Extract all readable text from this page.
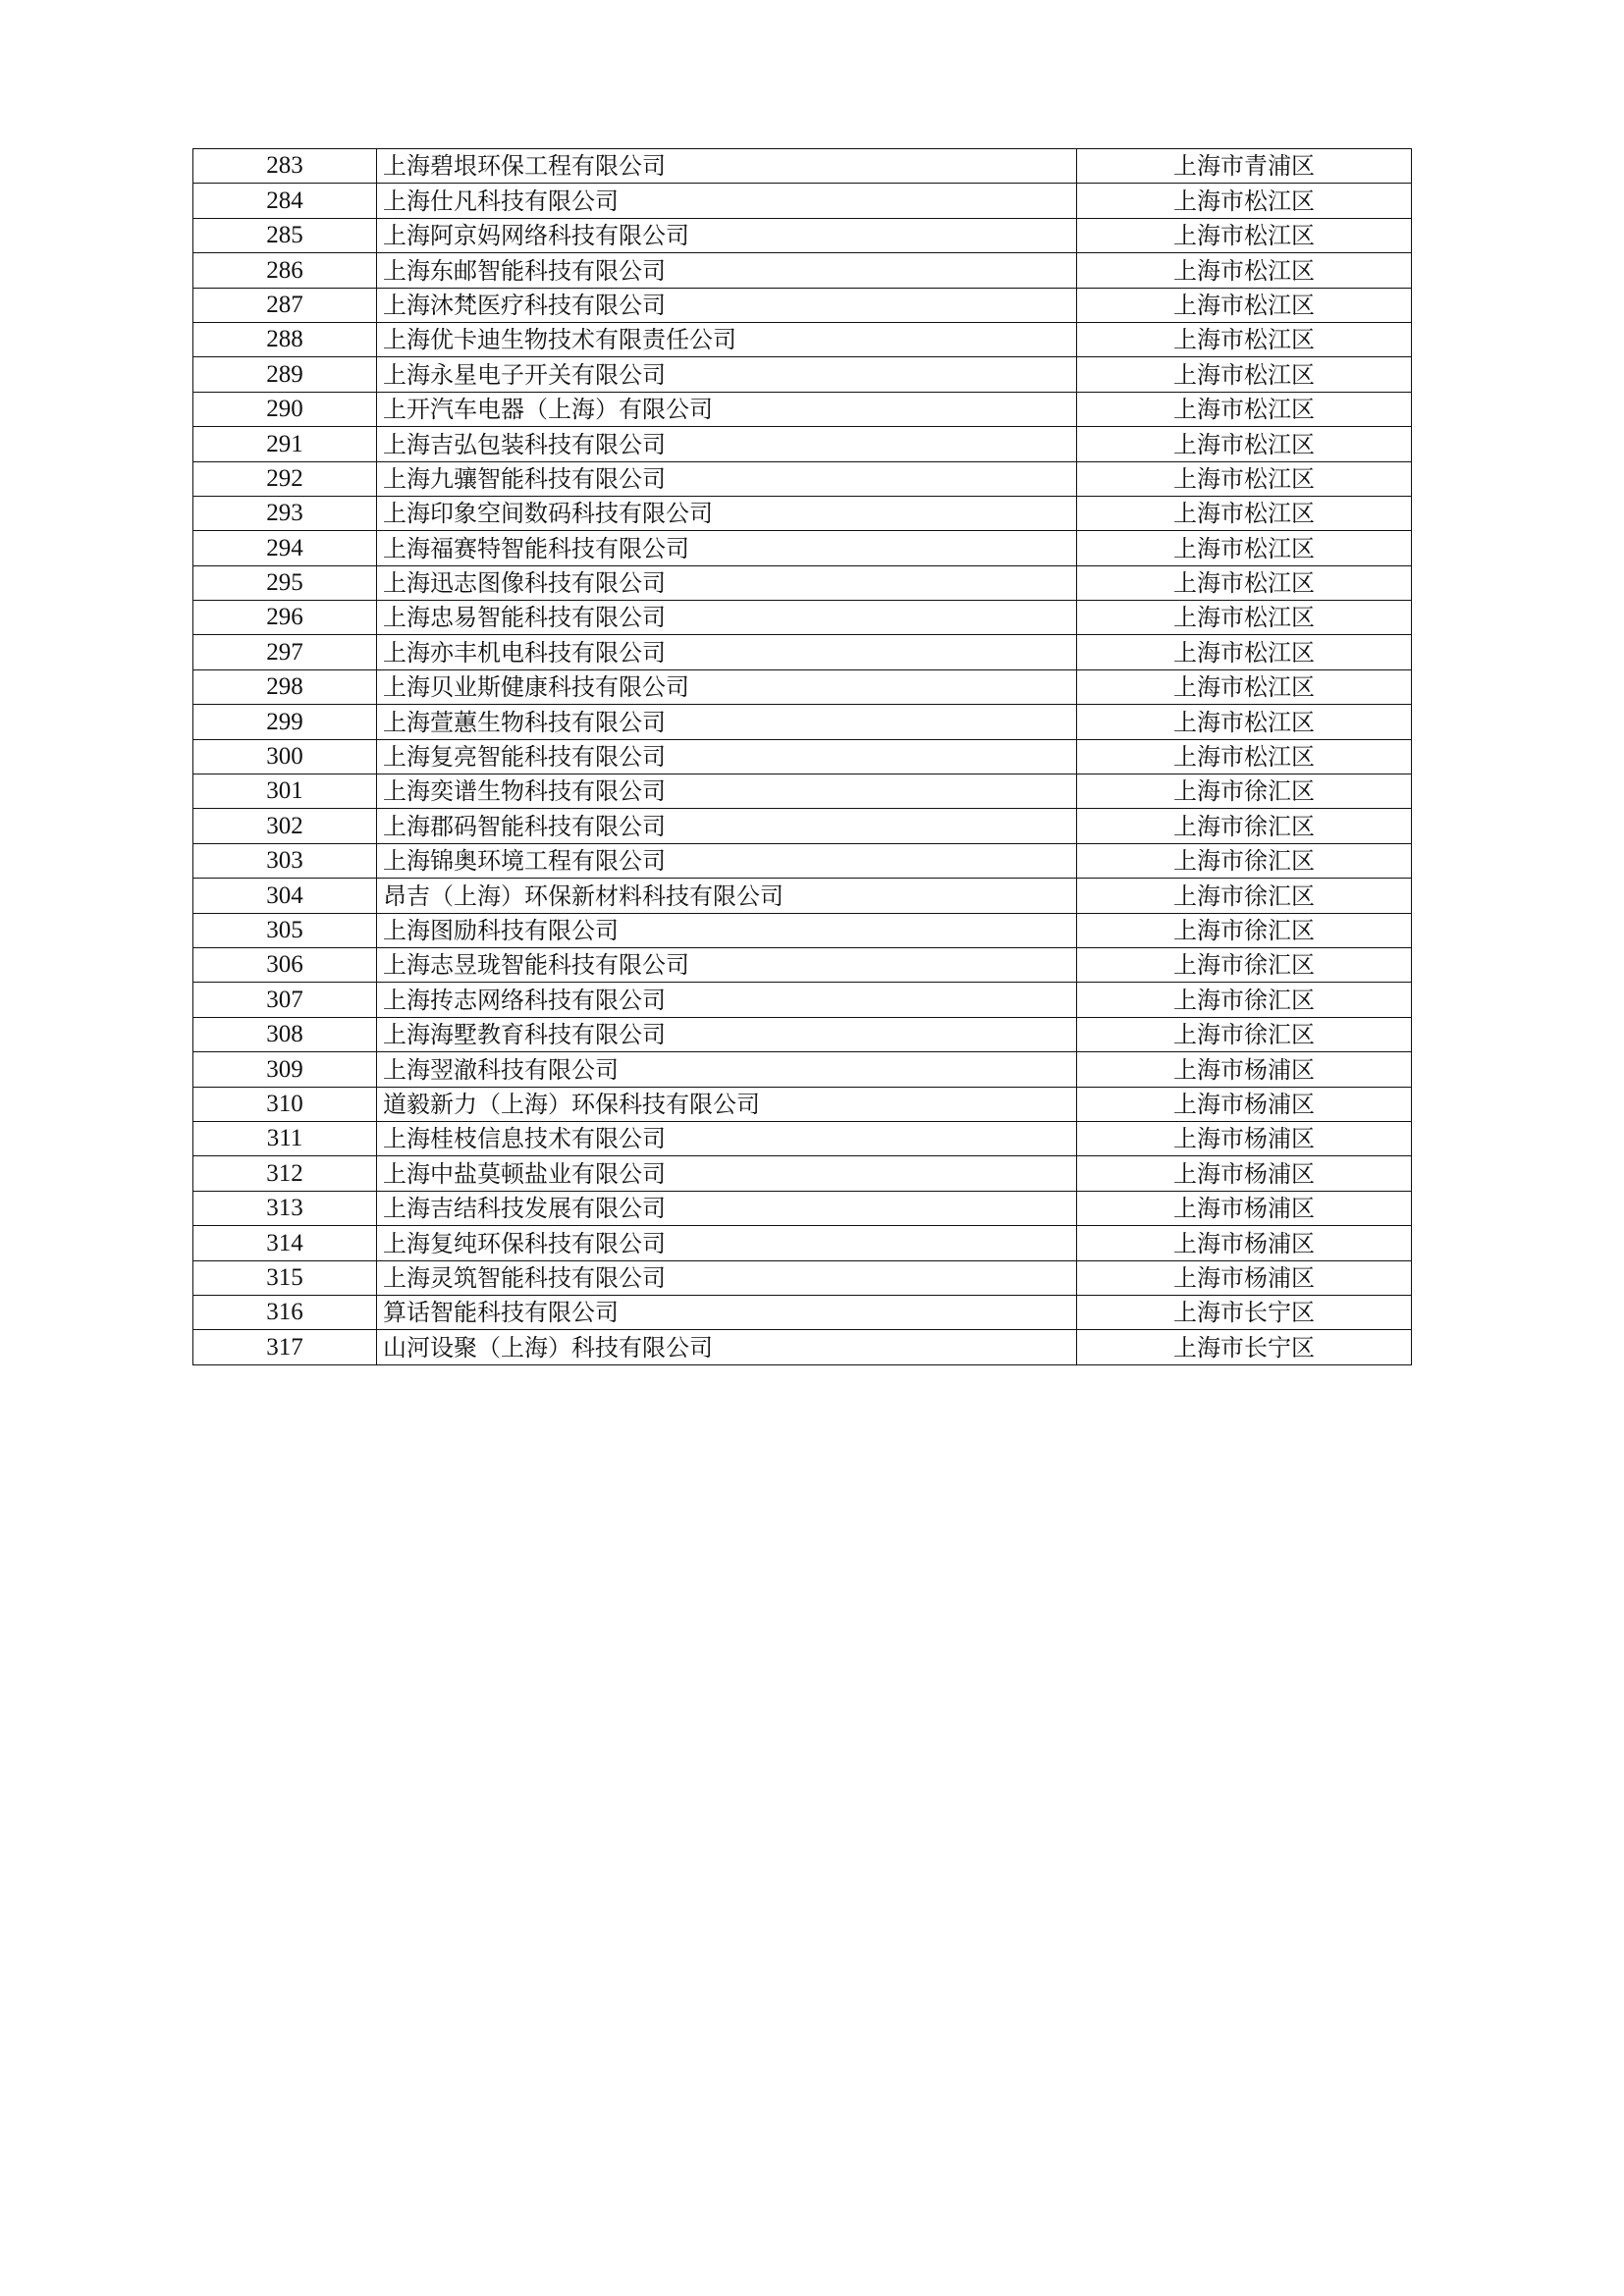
283	上海碧垠环保工程有限公司	上海市青浦区
284	上海仕凡科技有限公司	上海市松江区
285	上海阿京妈网络科技有限公司	上海市松江区
286	上海东邮智能科技有限公司	上海市松江区
287	上海沐梵医疗科技有限公司	上海市松江区
288	上海优卡迪生物技术有限责任公司	上海市松江区
289	上海永星电子开关有限公司	上海市松江区
290	上开汽车电器（上海）有限公司	上海市松江区
291	上海吉弘包装科技有限公司	上海市松江区
292	上海九骧智能科技有限公司	上海市松江区
293	上海印象空间数码科技有限公司	上海市松江区
294	上海福赛特智能科技有限公司	上海市松江区
295	上海迅志图像科技有限公司	上海市松江区
296	上海忠易智能科技有限公司	上海市松江区
297	上海亦丰机电科技有限公司	上海市松江区
298	上海贝业斯健康科技有限公司	上海市松江区
299	上海萱蕙生物科技有限公司	上海市松江区
300	上海复亮智能科技有限公司	上海市松江区
301	上海奕谱生物科技有限公司	上海市徐汇区
302	上海郡码智能科技有限公司	上海市徐汇区
303	上海锦奥环境工程有限公司	上海市徐汇区
304	昂吉（上海）环保新材料科技有限公司	上海市徐汇区
305	上海图励科技有限公司	上海市徐汇区
306	上海志昱珑智能科技有限公司	上海市徐汇区
307	上海抟志网络科技有限公司	上海市徐汇区
308	上海海墅教育科技有限公司	上海市徐汇区
309	上海翌澈科技有限公司	上海市杨浦区
310	道毅新力（上海）环保科技有限公司	上海市杨浦区
311	上海桂枝信息技术有限公司	上海市杨浦区
312	上海中盐莫顿盐业有限公司	上海市杨浦区
313	上海吉结科技发展有限公司	上海市杨浦区
314	上海复纯环保科技有限公司	上海市杨浦区
315	上海灵筑智能科技有限公司	上海市杨浦区
316	算话智能科技有限公司	上海市长宁区
317	山河设聚（上海）科技有限公司	上海市长宁区
